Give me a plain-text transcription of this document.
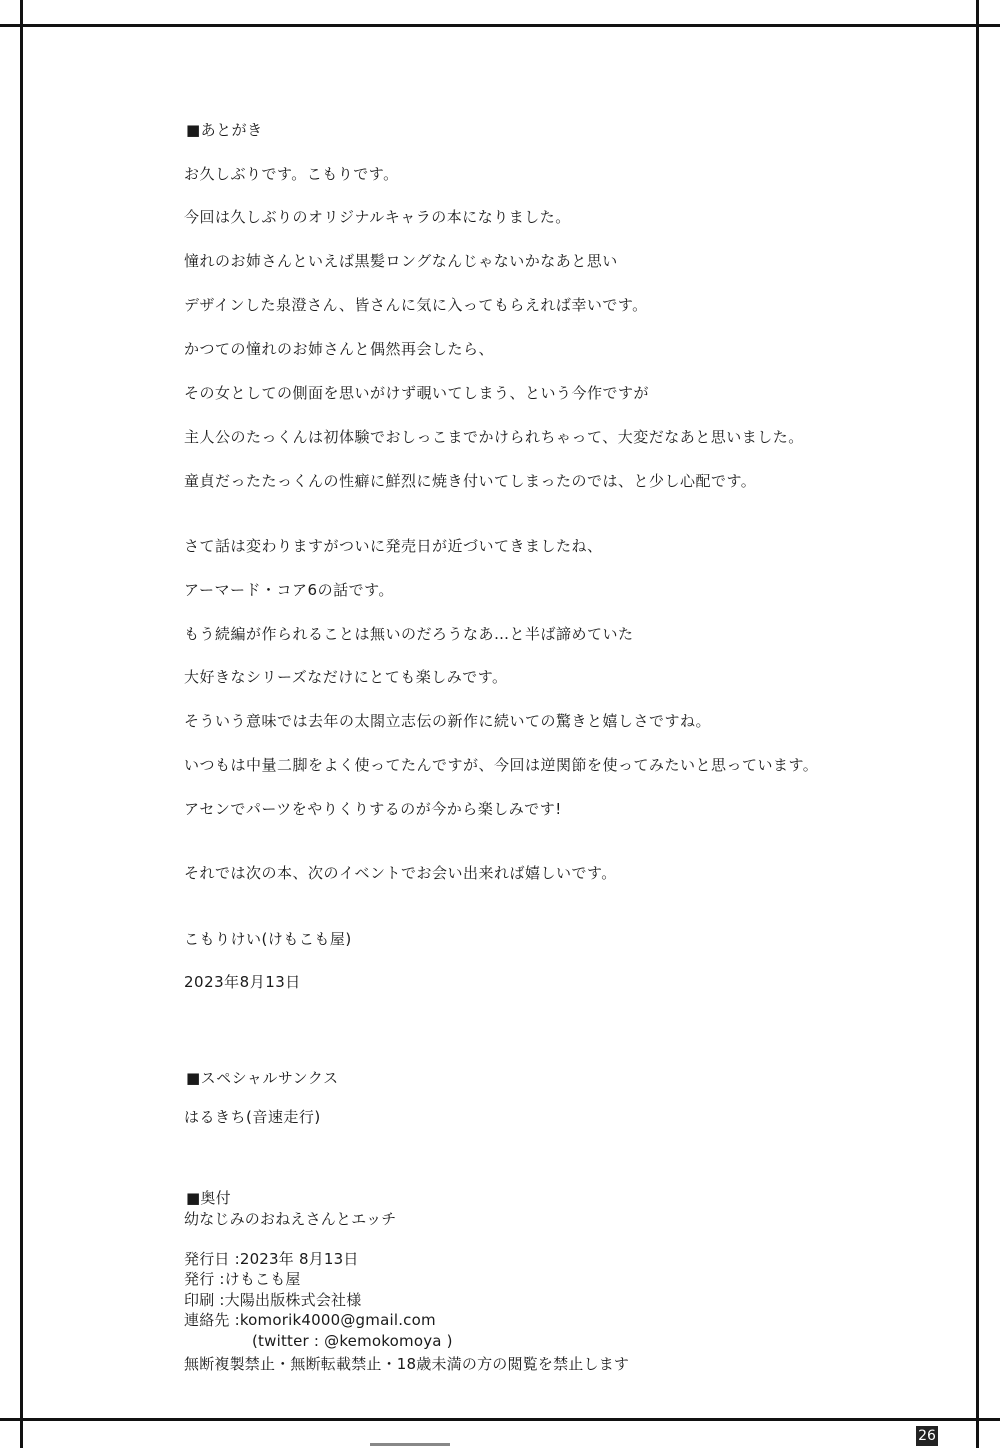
■あとがき
お久しぶりです。こもりです。
今回は久しぶりのオリジナルキャラの本になりました。
憧れのお姉さんといえば黒髪ロングなんじゃないかなあと思い
デザインした泉澄さん、皆さんに気に入ってもらえれば幸いです。
かつての憧れのお姉さんと偶然再会したら、
その女としての側面を思いがけず覗いてしまう、という今作ですが
主人公のたっくんは初体験でおしっこまでかけられちゃって、大変だなあと思いました。
童貞だったたっくんの性癖に鮮烈に焼き付いてしまったのでは、と少し心配です。
さて話は変わりますがついに発売日が近づいてきましたね、
アーマード・コア6の話です。
もう続編が作られることは無いのだろうなあ…と半ば諦めていた
大好きなシリーズなだけにとても楽しみです。
そういう意味では去年の太閤立志伝の新作に続いての驚きと嬉しさですね。
いつもは中量二脚をよく使ってたんですが、今回は逆関節を使ってみたいと思っています。
アセンでパーツをやりくりするのが今から楽しみです!
それでは次の本、次のイベントでお会い出来れば嬉しいです。
こもりけい(けもこも屋)
2023年8月13日
■スペシャルサンクス
はるきち(音速走行)
■奥付
幼なじみのおねえさんとエッチ
発行日 :2023年 8月13日
発行 :けもこも屋
印刷 :大陽出版株式会社様
連絡先 :komorik4000@gmail.com
(twitter : @kemokomoya )
無断複製禁止・無断転載禁止・18歳未満の方の閲覧を禁止します
26
